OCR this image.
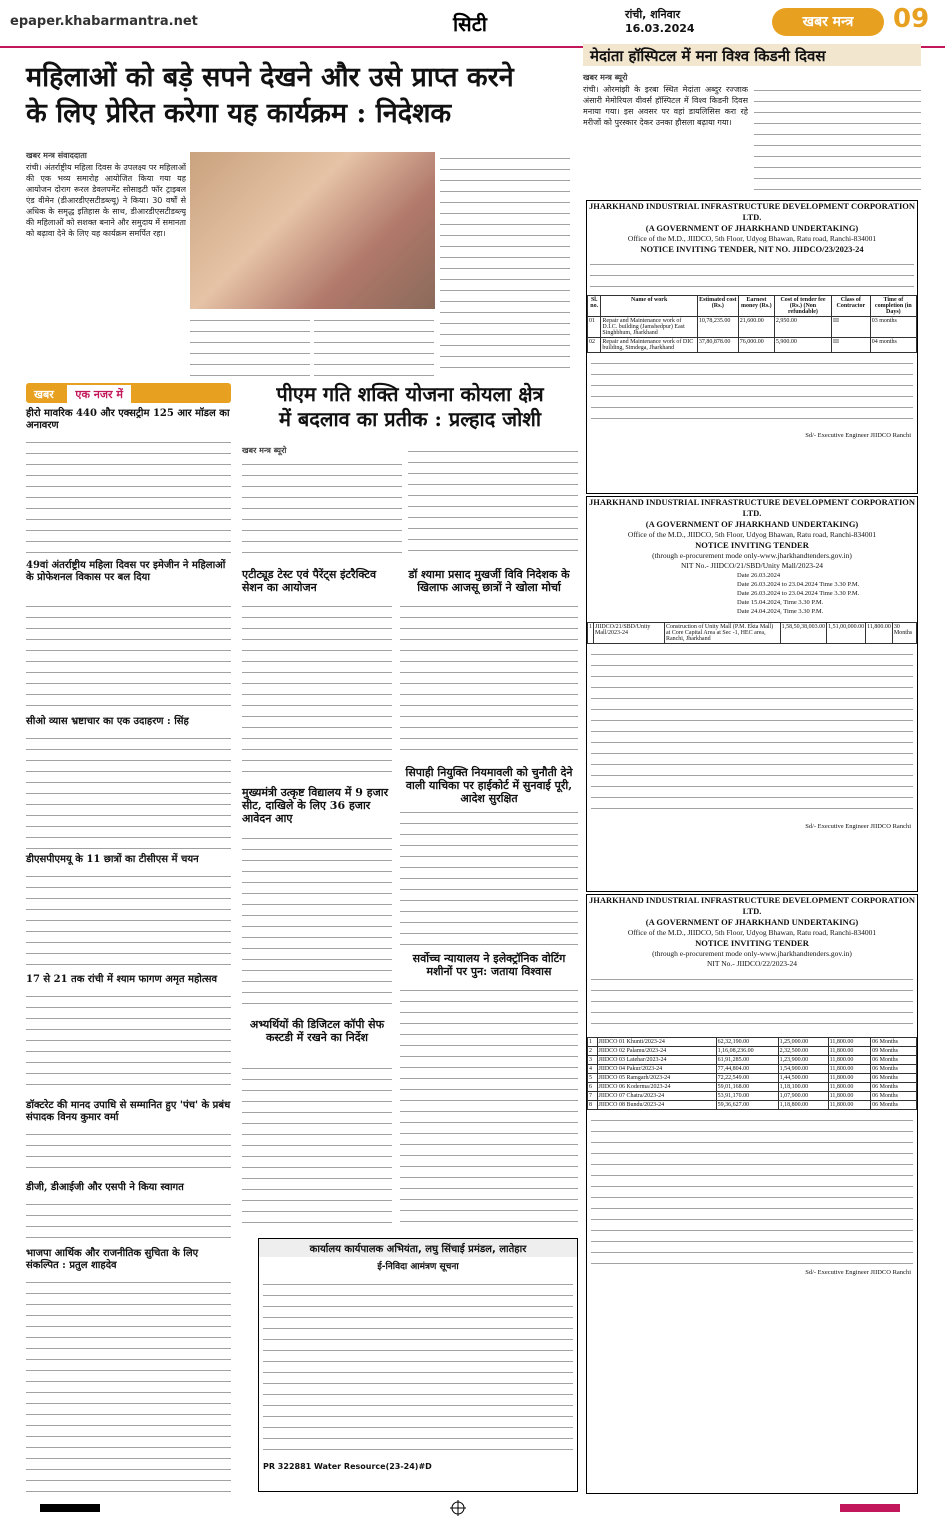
epaper.khabarmantra.net	सिटी	रांची, शनिवार
16.03.2024	खबर मन्त्र	09
महिलाओं को बड़े सपने देखने और उसे प्राप्त करने
के लिए प्रेरित करेगा यह कार्यक्रम : निदेशक
खबर मन्त्र संवाददाता
रांची। अंतर्राष्ट्रीय महिला दिवस के उपलक्ष्य पर महिलाओं की एक भव्य समारोह आयोजित किया गया यह आयोजन दोराग रूरल डेवलपमेंट सोसाइटी फॉर ट्राइबल एंड वीमेन (डीआरडीएसटीडब्ल्यू) ने किया। 30 वर्षों से अधिक के समृद्ध इतिहास के साथ, डीआरडीएसटीडब्ल्यू की महिलाओं को सशक्त बनाने और समुदाय में समानता को बढ़ावा देने के लिए यह कार्यक्रम समर्पित रहा।
मेदांता हॉस्पिटल में मना विश्व किडनी दिवस
खबर मन्त्र ब्यूरो
रांची। ओरमांझी के इरबा स्थित मेदांता अब्दुर रज्जाक अंसारी मेमोरियल वीवर्स हॉस्पिटल में विश्व किडनी दिवस मनाया गया। इस अवसर पर वहां डायलिसिस करा रहे मरीजों को पुरस्कार देकर उनका हौसला बढ़ाया गया।
JHARKHAND INDUSTRIAL INFRASTRUCTURE DEVELOPMENT CORPORATION LTD.
(A GOVERNMENT OF JHARKHAND UNDERTAKING)
Office of the M.D., JIIDCO, 5th Floor, Udyog Bhawan, Ratu road, Ranchi-834001
NOTICE INVITING TENDER, NIT NO. JIIDCO/23/2023-24
Sl. no.	Name of work	Estimated cost (Rs.)	Earnest money (Rs.)	Cost of tender fee (Rs.) (Non refundable)	Class of Contractor	Time of completion (in Days)
01	Repair and Maintenance work of D.I.C. building (Jamshedpur) East Singhbhum, Jharkhand	10,78,235.00	21,600.00	2,950.00	III	03 months
02	Repair and Maintenance work of DIC building, Simdega, Jharkhand	37,80,878.00	76,000.00	5,900.00	III	04 months
Sd/- Executive Engineer JIIDCO Ranchi
JHARKHAND INDUSTRIAL INFRASTRUCTURE DEVELOPMENT CORPORATION LTD.
(A GOVERNMENT OF JHARKHAND UNDERTAKING)
Office of the M.D., JIIDCO, 5th Floor, Udyog Bhawan, Ratu road, Ranchi-834001
NOTICE INVITING TENDER
(through e-procurement mode only-www.jharkhandtenders.gov.in)
NIT No.- JIIDCO/21/SBD/Unity Mall/2023-24
Date 26.03.2024
Date 26.03.2024 to 23.04.2024 Time 3.30 P.M.
Date 26.03.2024 to 23.04.2024 Time 3.30 P.M.
Date 15.04.2024, Time 3.30 P.M.
Date 24.04.2024, Time 3.30 P.M.
1	JIIDCO/21/SBD/Unity Mall/2023-24	Construction of Unity Mall (P.M. Ekta Mall) at Core Capital Area at Sec -1, HEC area, Ranchi, Jharkhand	1,58,50,38,003.00	1,51,00,000.00	11,800.00	30 Months
Sd/- Executive Engineer JIIDCO Ranchi
JHARKHAND INDUSTRIAL INFRASTRUCTURE DEVELOPMENT CORPORATION LTD.
(A GOVERNMENT OF JHARKHAND UNDERTAKING)
Office of the M.D., JIIDCO, 5th Floor, Udyog Bhawan, Ratu road, Ranchi-834001
NOTICE INVITING TENDER
(through e-procurement mode only-www.jharkhandtenders.gov.in)
NIT No.- JIIDCO/22/2023-24
1	JIIDCO 01 Khunti/2023-24	62,32,190.00	1,25,000.00	11,800.00	06 Months
2	JIIDCO 02 Palamu/2023-24	1,16,08,236.00	2,32,500.00	11,800.00	09 Months
3	JIIDCO 03 Latehar/2023-24	61,91,285.00	1,23,900.00	11,800.00	06 Months
4	JIIDCO 04 Pakur/2023-24	77,44,804.00	1,54,900.00	11,800.00	06 Months
5	JIIDCO 05 Ramgarh/2023-24	72,22,549.00	1,44,500.00	11,800.00	06 Months
6	JIIDCO 06 Koderma/2023-24	59,01,168.00	1,18,100.00	11,800.00	06 Months
7	JIIDCO 07 Chatra/2023-24	53,91,170.00	1,07,900.00	11,800.00	06 Months
8	JIIDCO 08 Bundu/2023-24	59,36,627.00	1,18,800.00	11,800.00	06 Months
Sd/- Executive Engineer JIIDCO Ranchi
खबर एक नजर में
हीरो मावरिक 440 और एक्सट्रीम 125 आर मॉडल का अनावरण
49वां अंतर्राष्ट्रीय महिला दिवस पर इमेजीन ने महिलाओं के प्रोफेशनल विकास पर बल दिया
सीओ व्यास भ्रष्टाचार का एक उदाहरण : सिंह
डीएसपीएमयू के 11 छात्रों का टीसीएस में चयन
17 से 21 तक रांची में श्याम फागण अमृत महोत्सव
डॉक्टरेट की मानद उपाधि से सम्मानित हुए 'पंच' के प्रबंध संपादक विनय कुमार वर्मा
डीजी, डीआईजी और एसपी ने किया स्वागत
भाजपा आर्थिक और राजनीतिक सुचिता के लिए संकल्पित : प्रतुल शाहदेव
पीएम गति शक्ति योजना कोयला क्षेत्र
में बदलाव का प्रतीक : प्रल्हाद जोशी
खबर मन्त्र ब्यूरो
एटीट्यूड टेस्ट एवं पैरेंट्स इंटरैक्टिव सेशन का आयोजन
मुख्यमंत्री उत्कृष्ट विद्यालय में 9 हजार सीट, दाखिले के लिए 36 हजार आवेदन आए
अभ्यर्थियों की डिजिटल कॉपी सेफ कस्टडी में रखने का निर्देश
डॉ श्यामा प्रसाद मुखर्जी विवि निदेशक के खिलाफ आजसू छात्रों ने खोला मोर्चा
सिपाही नियुक्ति नियमावली को चुनौती देने वाली याचिका पर हाईकोर्ट में सुनवाई पूरी, आदेश सुरक्षित
सर्वोच्च न्यायालय ने इलेक्ट्रॉनिक वोटिंग मशीनों पर पुन: जताया विश्वास
कार्यालय कार्यपालक अभियंता, लघु सिंचाई प्रमंडल, लातेहार
ई-निविदा आमंत्रण सूचना
PR 322881 Water Resource(23-24)#D
